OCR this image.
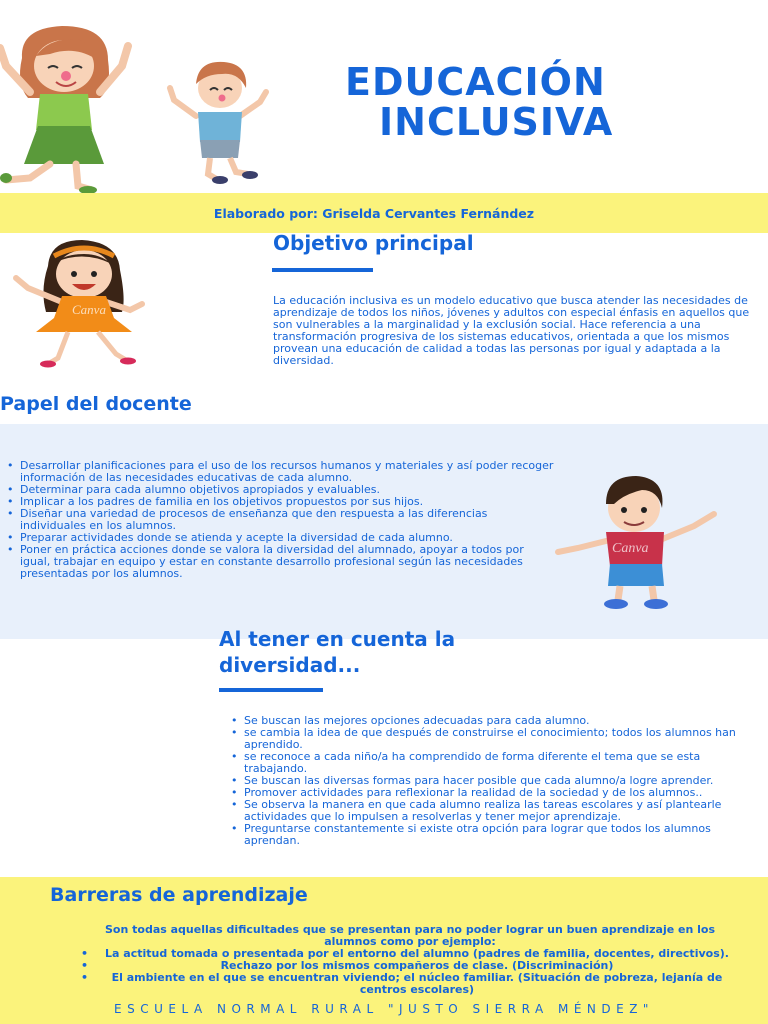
EDUCACIÓN
INCLUSIVA
Elaborado por: Griselda Cervantes Fernández
Canva
Objetivo principal

La educación inclusiva es un modelo educativo que busca atender las necesidades de aprendizaje de todos los niños, jóvenes y adultos con especial énfasis en aquellos que son vulnerables a la marginalidad y la exclusión social. Hace referencia a una transformación progresiva de los sistemas educativos, orientada a que los mismos provean una educación de calidad a todas las personas por igual y adaptada a la diversidad.

Papel del docente
• Desarrollar planificaciones para el uso de los recursos humanos y materiales y así poder recoger información de las necesidades educativas de cada alumno.
• Determinar para cada alumno objetivos apropiados y evaluables.
• Implicar a los padres de familia en los objetivos propuestos por sus hijos.
• Diseñar una variedad de procesos de enseñanza que den respuesta a las diferencias individuales en los alumnos.
• Preparar actividades donde se atienda y acepte la diversidad de cada alumno.
• Poner en práctica acciones donde se valora la diversidad del alumnado, apoyar a todos por igual, trabajar en equipo y estar en constante desarrollo profesional según las necesidades presentadas por los alumnos.
Canva
Al tener en cuenta la diversidad...
• Se buscan las mejores opciones adecuadas para cada alumno.
• se cambia la idea de que después de construirse el conocimiento; todos los alumnos han aprendido.
• se reconoce a cada niño/a ha comprendido de forma diferente el tema que se esta trabajando.
• Se buscan las diversas formas para hacer posible que cada alumno/a logre aprender.
• Promover actividades para reflexionar la realidad de la sociedad y de los alumnos..
• Se observa la manera en que cada alumno realiza las tareas escolares y así plantearle actividades que lo impulsen a resolverlas y tener mejor aprendizaje.
• Preguntarse constantemente si existe otra opción para lograr que todos los alumnos aprendan.
Barreras de aprendizaje

Son todas aquellas dificultades que se presentan para no poder lograr un buen aprendizaje en los alumnos como por ejemplo:

• La actitud tomada o presentada por el entorno del alumno (padres de familia, docentes, directivos).
• Rechazo por los mismos compañeros de clase. (Discriminación)
• El ambiente en el que se encuentran viviendo; el núcleo familiar. (Situación de pobreza, lejanía de centros escolares)
ESCUELA NORMAL RURAL "JUSTO SIERRA MÉNDEZ"
